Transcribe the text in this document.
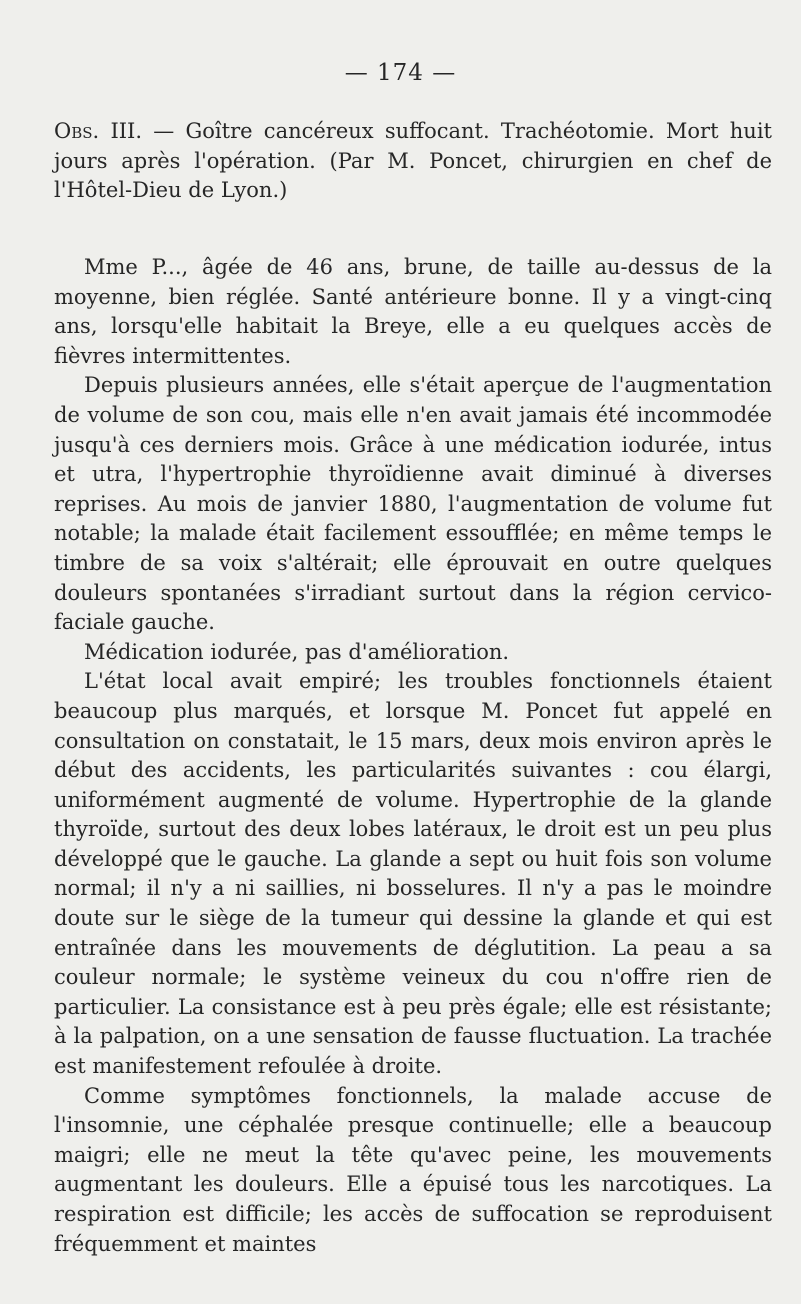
— 174 —

Obs. III. — Goître cancéreux suffocant. Trachéotomie. Mort huit jours après l'opération. (Par M. Poncet, chirurgien en chef de l'Hôtel-Dieu de Lyon.)

Mme P..., âgée de 46 ans, brune, de taille au-dessus de la moyenne, bien réglée. Santé antérieure bonne. Il y a vingt-cinq ans, lorsqu'elle habitait la Breye, elle a eu quelques accès de fièvres intermittentes.

Depuis plusieurs années, elle s'était aperçue de l'augmentation de volume de son cou, mais elle n'en avait jamais été incommodée jusqu'à ces derniers mois. Grâce à une médication iodurée, intus et utra, l'hypertrophie thyroïdienne avait diminué à diverses reprises. Au mois de janvier 1880, l'augmentation de volume fut notable; la malade était facilement essoufflée; en même temps le timbre de sa voix s'altérait; elle éprouvait en outre quelques douleurs spontanées s'irradiant surtout dans la région cervico-faciale gauche.

Médication iodurée, pas d'amélioration.

L'état local avait empiré; les troubles fonctionnels étaient beaucoup plus marqués, et lorsque M. Poncet fut appelé en consultation on constatait, le 15 mars, deux mois environ après le début des accidents, les particularités suivantes : cou élargi, uniformément augmenté de volume. Hypertrophie de la glande thyroïde, surtout des deux lobes latéraux, le droit est un peu plus développé que le gauche. La glande a sept ou huit fois son volume normal; il n'y a ni saillies, ni bosselures. Il n'y a pas le moindre doute sur le siège de la tumeur qui dessine la glande et qui est entraînée dans les mouvements de déglutition. La peau a sa couleur normale; le système veineux du cou n'offre rien de particulier. La consistance est à peu près égale; elle est résistante; à la palpation, on a une sensation de fausse fluctuation. La trachée est manifestement refoulée à droite.

Comme symptômes fonctionnels, la malade accuse de l'insomnie, une céphalée presque continuelle; elle a beaucoup maigri; elle ne meut la tête qu'avec peine, les mouvements augmentant les douleurs. Elle a épuisé tous les narcotiques. La respiration est difficile; les accès de suffocation se reproduisent fréquemment et maintes
